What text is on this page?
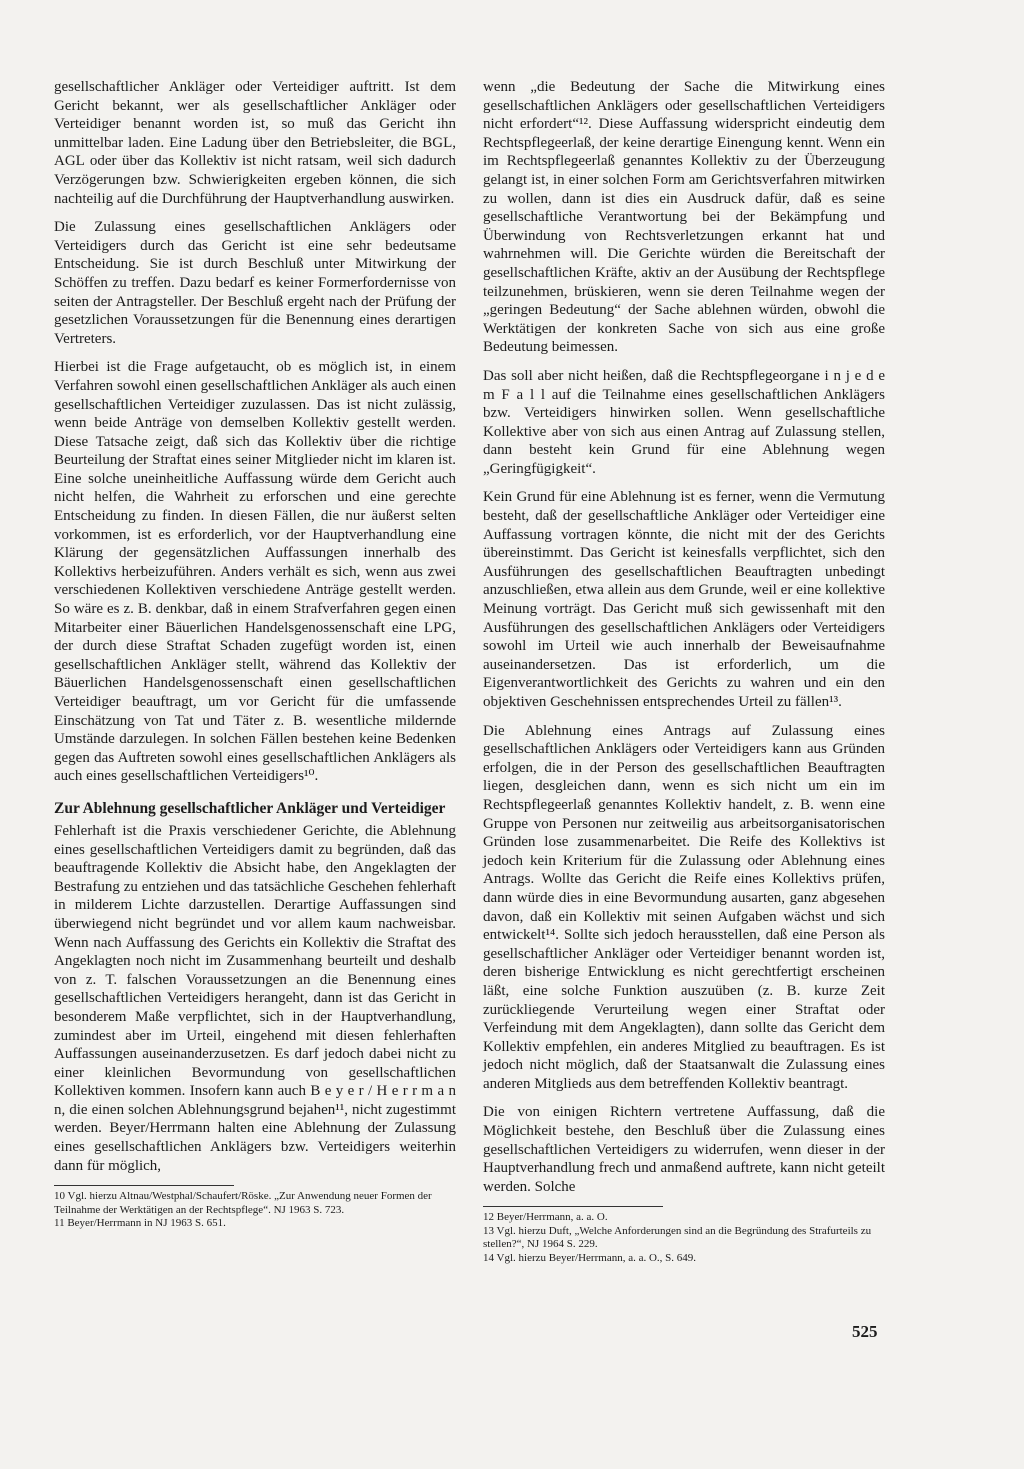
gesellschaftlicher Ankläger oder Verteidiger auftritt. Ist dem Gericht bekannt, wer als gesellschaftlicher Ankläger oder Verteidiger benannt worden ist, so muß das Gericht ihn unmittelbar laden. Eine Ladung über den Betriebsleiter, die BGL, AGL oder über das Kollektiv ist nicht ratsam, weil sich dadurch Verzögerungen bzw. Schwierigkeiten ergeben können, die sich nachteilig auf die Durchführung der Hauptverhandlung auswirken.

Die Zulassung eines gesellschaftlichen Anklägers oder Verteidigers durch das Gericht ist eine sehr bedeutsame Entscheidung. Sie ist durch Beschluß unter Mitwirkung der Schöffen zu treffen. Dazu bedarf es keiner Formerfordernisse von seiten der Antragsteller. Der Beschluß ergeht nach der Prüfung der gesetzlichen Voraussetzungen für die Benennung eines derartigen Vertreters.

Hierbei ist die Frage aufgetaucht, ob es möglich ist, in einem Verfahren sowohl einen gesellschaftlichen Ankläger als auch einen gesellschaftlichen Verteidiger zuzulassen. Das ist nicht zulässig, wenn beide Anträge von demselben Kollektiv gestellt werden. Diese Tatsache zeigt, daß sich das Kollektiv über die richtige Beurteilung der Straftat eines seiner Mitglieder nicht im klaren ist. Eine solche uneinheitliche Auffassung würde dem Gericht auch nicht helfen, die Wahrheit zu erforschen und eine gerechte Entscheidung zu finden. In diesen Fällen, die nur äußerst selten vorkommen, ist es erforderlich, vor der Hauptverhandlung eine Klärung der gegensätzlichen Auffassungen innerhalb des Kollektivs herbeizuführen. Anders verhält es sich, wenn aus zwei verschiedenen Kollektiven verschiedene Anträge gestellt werden. So wäre es z. B. denkbar, daß in einem Strafverfahren gegen einen Mitarbeiter einer Bäuerlichen Handelsgenossenschaft eine LPG, der durch diese Straftat Schaden zugefügt worden ist, einen gesellschaftlichen Ankläger stellt, während das Kollektiv der Bäuerlichen Handelsgenossenschaft einen gesellschaftlichen Verteidiger beauftragt, um vor Gericht für die umfassende Einschätzung von Tat und Täter z. B. wesentliche mildernde Umstände darzulegen. In solchen Fällen bestehen keine Bedenken gegen das Auftreten sowohl eines gesellschaftlichen Anklägers als auch eines gesellschaftlichen Verteidigers¹⁰.

Zur Ablehnung gesellschaftlicher Ankläger und Verteidiger

Fehlerhaft ist die Praxis verschiedener Gerichte, die Ablehnung eines gesellschaftlichen Verteidigers damit zu begründen, daß das beauftragende Kollektiv die Absicht habe, den Angeklagten der Bestrafung zu entziehen und das tatsächliche Geschehen fehlerhaft in milderem Lichte darzustellen. Derartige Auffassungen sind überwiegend nicht begründet und vor allem kaum nachweisbar. Wenn nach Auffassung des Gerichts ein Kollektiv die Straftat des Angeklagten noch nicht im Zusammenhang beurteilt und deshalb von z. T. falschen Voraussetzungen an die Benennung eines gesellschaftlichen Verteidigers herangeht, dann ist das Gericht in besonderem Maße verpflichtet, sich in der Hauptverhandlung, zumindest aber im Urteil, eingehend mit diesen fehlerhaften Auffassungen auseinanderzusetzen. Es darf jedoch dabei nicht zu einer kleinlichen Bevormundung von gesellschaftlichen Kollektiven kommen. Insofern kann auch B e y e r / H e r r m a n n, die einen solchen Ablehnungsgrund bejahen¹¹, nicht zugestimmt werden. Beyer/Herrmann halten eine Ablehnung der Zulassung eines gesellschaftlichen Anklägers bzw. Verteidigers weiterhin dann für möglich,

10 Vgl. hierzu Altnau/Westphal/Schaufert/Röske. „Zur Anwendung neuer Formen der Teilnahme der Werktätigen an der Rechtspflege“. NJ 1963 S. 723.

11 Beyer/Herrmann in NJ 1963 S. 651.

wenn „die Bedeutung der Sache die Mitwirkung eines gesellschaftlichen Anklägers oder gesellschaftlichen Verteidigers nicht erfordert“¹². Diese Auffassung widerspricht eindeutig dem Rechtspflegeerlaß, der keine derartige Einengung kennt. Wenn ein im Rechtspflegeerlaß genanntes Kollektiv zu der Überzeugung gelangt ist, in einer solchen Form am Gerichtsverfahren mitwirken zu wollen, dann ist dies ein Ausdruck dafür, daß es seine gesellschaftliche Verantwortung bei der Bekämpfung und Überwindung von Rechtsverletzungen erkannt hat und wahrnehmen will. Die Gerichte würden die Bereitschaft der gesellschaftlichen Kräfte, aktiv an der Ausübung der Rechtspflege teilzunehmen, brüskieren, wenn sie deren Teilnahme wegen der „geringen Bedeutung“ der Sache ablehnen würden, obwohl die Werktätigen der konkreten Sache von sich aus eine große Bedeutung beimessen.

Das soll aber nicht heißen, daß die Rechtspflegeorgane i n j e d e m F a l l auf die Teilnahme eines gesellschaftlichen Anklägers bzw. Verteidigers hinwirken sollen. Wenn gesellschaftliche Kollektive aber von sich aus einen Antrag auf Zulassung stellen, dann besteht kein Grund für eine Ablehnung wegen „Geringfügigkeit“.

Kein Grund für eine Ablehnung ist es ferner, wenn die Vermutung besteht, daß der gesellschaftliche Ankläger oder Verteidiger eine Auffassung vortragen könnte, die nicht mit der des Gerichts übereinstimmt. Das Gericht ist keinesfalls verpflichtet, sich den Ausführungen des gesellschaftlichen Beauftragten unbedingt anzuschließen, etwa allein aus dem Grunde, weil er eine kollektive Meinung vorträgt. Das Gericht muß sich gewissenhaft mit den Ausführungen des gesellschaftlichen Anklägers oder Verteidigers sowohl im Urteil wie auch innerhalb der Beweisaufnahme auseinandersetzen. Das ist erforderlich, um die Eigenverantwortlichkeit des Gerichts zu wahren und ein den objektiven Geschehnissen entsprechendes Urteil zu fällen¹³.

Die Ablehnung eines Antrags auf Zulassung eines gesellschaftlichen Anklägers oder Verteidigers kann aus Gründen erfolgen, die in der Person des gesellschaftlichen Beauftragten liegen, desgleichen dann, wenn es sich nicht um ein im Rechtspflegeerlaß genanntes Kollektiv handelt, z. B. wenn eine Gruppe von Personen nur zeitweilig aus arbeitsorganisatorischen Gründen lose zusammenarbeitet. Die Reife des Kollektivs ist jedoch kein Kriterium für die Zulassung oder Ablehnung eines Antrags. Wollte das Gericht die Reife eines Kollektivs prüfen, dann würde dies in eine Bevormundung ausarten, ganz abgesehen davon, daß ein Kollektiv mit seinen Aufgaben wächst und sich entwickelt¹⁴. Sollte sich jedoch herausstellen, daß eine Person als gesellschaftlicher Ankläger oder Verteidiger benannt worden ist, deren bisherige Entwicklung es nicht gerechtfertigt erscheinen läßt, eine solche Funktion auszuüben (z. B. kurze Zeit zurückliegende Verurteilung wegen einer Straftat oder Verfeindung mit dem Angeklagten), dann sollte das Gericht dem Kollektiv empfehlen, ein anderes Mitglied zu beauftragen. Es ist jedoch nicht möglich, daß der Staatsanwalt die Zulassung eines anderen Mitglieds aus dem betreffenden Kollektiv beantragt.

Die von einigen Richtern vertretene Auffassung, daß die Möglichkeit bestehe, den Beschluß über die Zulassung eines gesellschaftlichen Verteidigers zu widerrufen, wenn dieser in der Hauptverhandlung frech und anmaßend auftrete, kann nicht geteilt werden. Solche

12 Beyer/Herrmann, a. a. O.

13 Vgl. hierzu Duft, „Welche Anforderungen sind an die Begründung des Strafurteils zu stellen?“, NJ 1964 S. 229.

14 Vgl. hierzu Beyer/Herrmann, a. a. O., S. 649.

525
